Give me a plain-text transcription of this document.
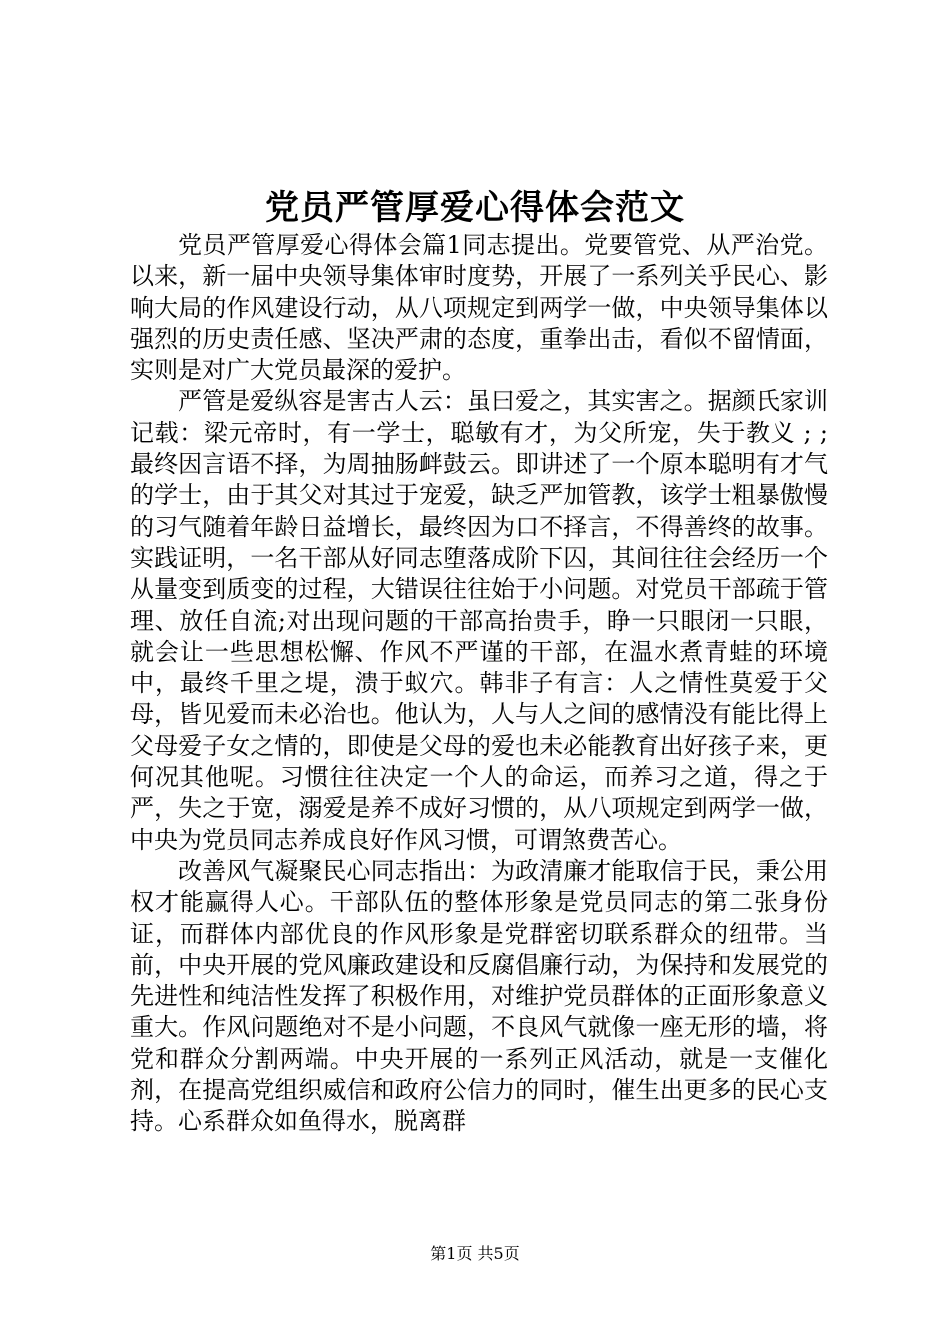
党员严管厚爱心得体会范文

党员严管厚爱心得体会篇1同志提出。党要管党、从严治党。以来，新一届中央领导集体审时度势，开展了一系列关乎民心、影响大局的作风建设行动，从八项规定到两学一做，中央领导集体以强烈的历史责任感、坚决严肃的态度，重拳出击，看似不留情面，实则是对广大党员最深的爱护。

严管是爱纵容是害古人云：虽曰爱之，其实害之。据颜氏家训记载：梁元帝时，有一学士，聪敏有才，为父所宠，失于教义 ; ;最终因言语不择，为周抽肠衅鼓云。即讲述了一个原本聪明有才气的学士，由于其父对其过于宠爱，缺乏严加管教，该学士粗暴傲慢的习气随着年龄日益增长，最终因为口不择言，不得善终的故事。实践证明，一名干部从好同志堕落成阶下囚，其间往往会经历一个从量变到质变的过程，大错误往往始于小问题。对党员干部疏于管理、放任自流;对出现问题的干部高抬贵手，睁一只眼闭一只眼，就会让一些思想松懈、作风不严谨的干部，在温水煮青蛙的环境中，最终千里之堤，溃于蚁穴。韩非子有言：人之情性莫爱于父母，皆见爱而未必治也。他认为，人与人之间的感情没有能比得上父母爱子女之情的，即使是父母的爱也未必能教育出好孩子来，更何况其他呢。习惯往往决定一个人的命运，而养习之道，得之于严，失之于宽，溺爱是养不成好习惯的，从八项规定到两学一做，中央为党员同志养成良好作风习惯，可谓煞费苦心。

改善风气凝聚民心同志指出：为政清廉才能取信于民，秉公用权才能赢得人心。干部队伍的整体形象是党员同志的第二张身份证，而群体内部优良的作风形象是党群密切联系群众的纽带。当前，中央开展的党风廉政建设和反腐倡廉行动，为保持和发展党的先进性和纯洁性发挥了积极作用，对维护党员群体的正面形象意义重大。作风问题绝对不是小问题，不良风气就像一座无形的墙，将党和群众分割两端。中央开展的一系列正风活动，就是一支催化剂，在提高党组织威信和政府公信力的同时，催生出更多的民心支持。心系群众如鱼得水，脱离群

第1页 共5页
